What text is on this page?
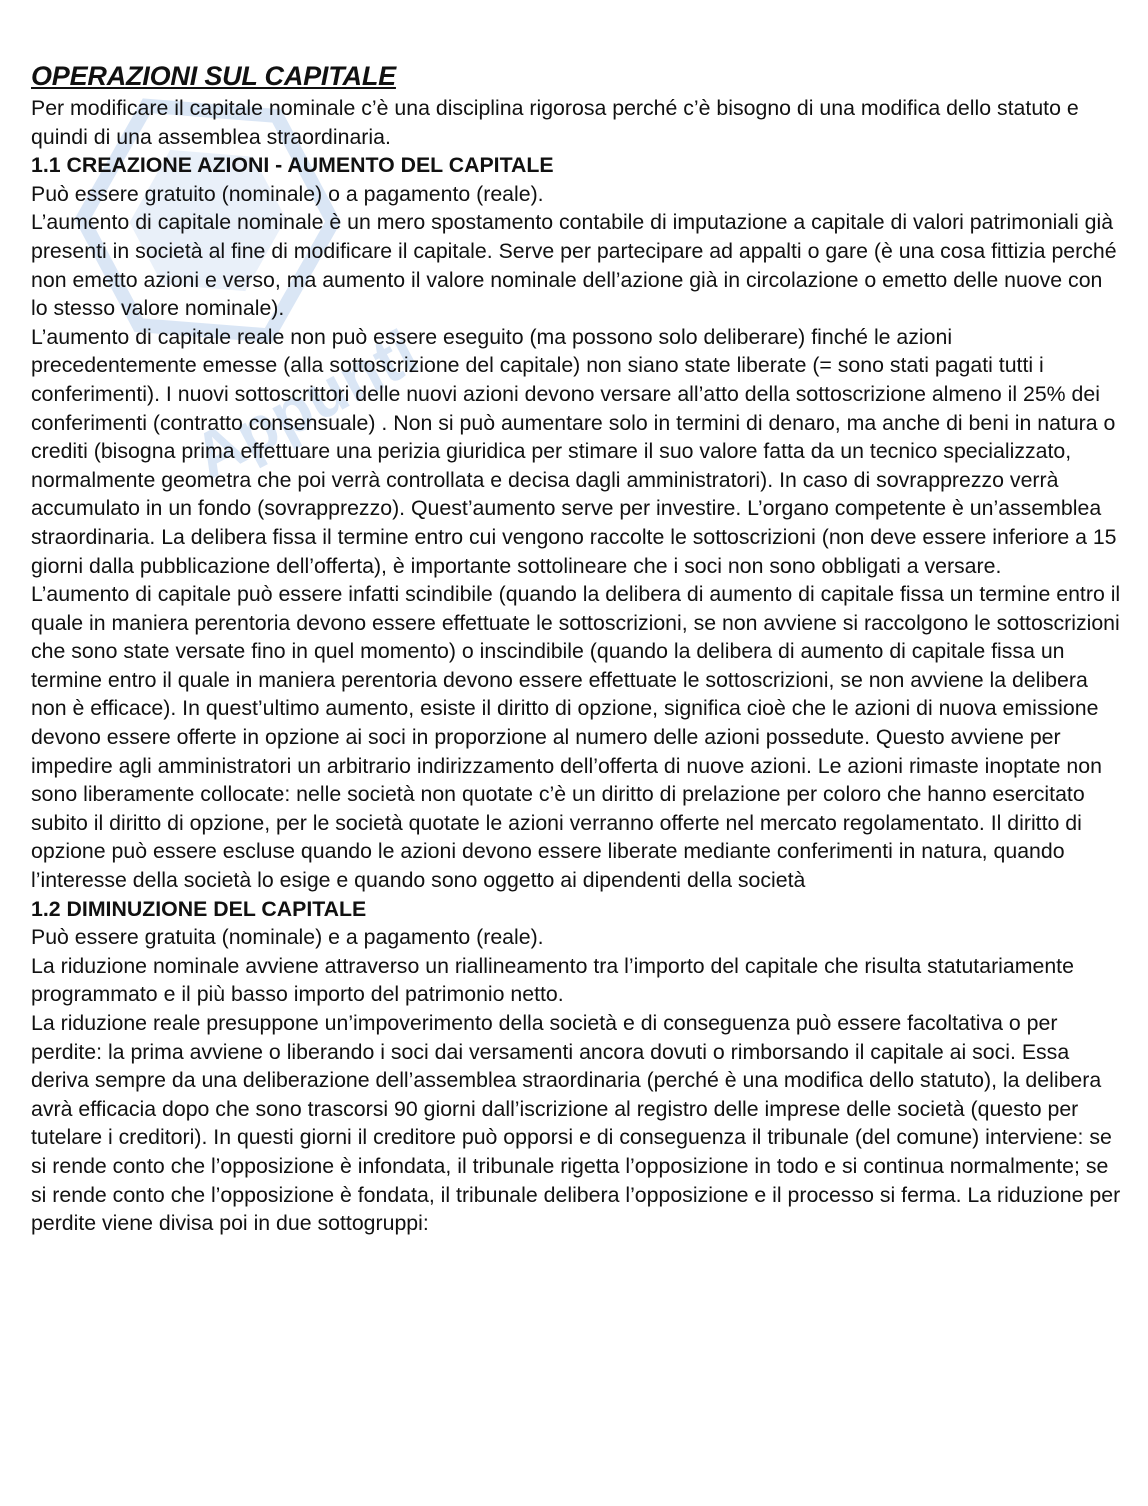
Appunti
OPERAZIONI SUL CAPITALE

Per modificare il capitale nominale c’è una disciplina rigorosa perché c’è bisogno di una modifica dello statuto e quindi di una assemblea straordinaria.

1.1 CREAZIONE AZIONI - AUMENTO DEL CAPITALE

Può essere gratuito (nominale) o a pagamento (reale).

L’aumento di capitale nominale è un mero spostamento contabile di imputazione a capitale di valori patrimoniali già presenti in società al fine di modificare il capitale. Serve per partecipare ad appalti o gare (è una cosa fittizia perché non emetto azioni e verso, ma aumento il valore nominale dell’azione già in circolazione o emetto delle nuove con lo stesso valore nominale).

L’aumento di capitale reale non può essere eseguito (ma possono solo deliberare) finché le azioni precedentemente emesse (alla sottoscrizione del capitale) non siano state liberate (= sono stati pagati tutti i conferimenti). I nuovi sottoscrittori delle nuovi azioni devono versare all’atto della sottoscrizione almeno il 25% dei conferimenti (contratto consensuale) . Non si può aumentare solo in termini di denaro, ma anche di beni in natura o crediti (bisogna prima effettuare una perizia giuridica per stimare il suo valore fatta da un tecnico specializzato, normalmente geometra che poi verrà controllata e decisa dagli amministratori). In caso di sovrapprezzo verrà accumulato in un fondo (sovrapprezzo). Quest’aumento serve per investire. L’organo competente è un’assemblea straordinaria. La delibera fissa il termine entro cui vengono raccolte le sottoscrizioni (non deve essere inferiore a 15 giorni dalla pubblicazione dell’offerta), è importante sottolineare che i soci non sono obbligati a versare.

L’aumento di capitale può essere infatti scindibile (quando la delibera di aumento di capitale fissa un termine entro il quale in maniera perentoria devono essere effettuate le sottoscrizioni, se non avviene si raccolgono le sottoscrizioni che sono state versate fino in quel momento) o inscindibile (quando la delibera di aumento di capitale fissa un termine entro il quale in maniera perentoria devono essere effettuate le sottoscrizioni, se non avviene la delibera non è efficace). In quest’ultimo aumento, esiste il diritto di opzione, significa cioè che le azioni di nuova emissione devono essere offerte in opzione ai soci in proporzione al numero delle azioni possedute. Questo avviene per impedire agli amministratori un arbitrario indirizzamento dell’offerta di nuove azioni. Le azioni rimaste inoptate non sono liberamente collocate: nelle società non quotate c’è un diritto di prelazione per coloro che hanno esercitato subito il diritto di opzione, per le società quotate le azioni verranno offerte nel mercato regolamentato. Il diritto di opzione può essere escluse quando le azioni devono essere liberate mediante conferimenti in natura, quando l’interesse della società lo esige e quando sono oggetto ai dipendenti della società

1.2 DIMINUZIONE DEL CAPITALE

Può essere gratuita (nominale) e a pagamento (reale).

La riduzione nominale avviene attraverso un riallineamento tra l’importo del capitale che risulta statutariamente programmato e il più basso importo del patrimonio netto.

La riduzione reale presuppone un’impoverimento della società e di conseguenza può essere facoltativa o per perdite: la prima avviene o liberando i soci dai versamenti ancora dovuti o rimborsando il capitale ai soci. Essa deriva sempre da una deliberazione dell’assemblea straordinaria (perché è una modifica dello statuto), la delibera avrà efficacia dopo che sono trascorsi 90 giorni dall’iscrizione al registro delle imprese delle società (questo per tutelare i creditori). In questi giorni il creditore può opporsi e di conseguenza il tribunale (del comune) interviene: se si rende conto che l’opposizione è infondata, il tribunale rigetta l’opposizione in todo e si continua normalmente; se si rende conto che l’opposizione è fondata, il tribunale delibera l’opposizione e il processo si ferma. La riduzione per perdite viene divisa poi in due sottogruppi:
